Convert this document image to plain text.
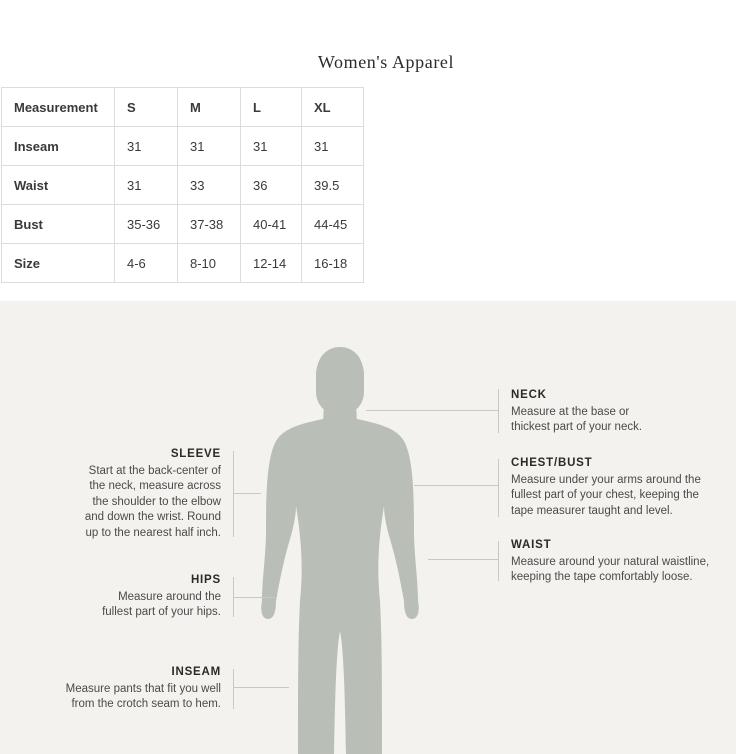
Women's Apparel
Measurement	S	M	L	XL
Inseam	31	31	31	31
Waist	31	33	36	39.5
Bust	35-36	37-38	40-41	44-45
Size	4-6	8-10	12-14	16-18
NECK
Measure at the base or
thickest part of your neck.
CHEST/BUST
Measure under your arms around the
fullest part of your chest, keeping the
tape measurer taught and level.
WAIST
Measure around your natural waistline,
keeping the tape comfortably loose.
SLEEVE
Start at the back-center of
the neck, measure across
the shoulder to the elbow
and down the wrist. Round
up to the nearest half inch.
HIPS
Measure around the
fullest part of your hips.
INSEAM
Measure pants that fit you well
from the crotch seam to hem.
